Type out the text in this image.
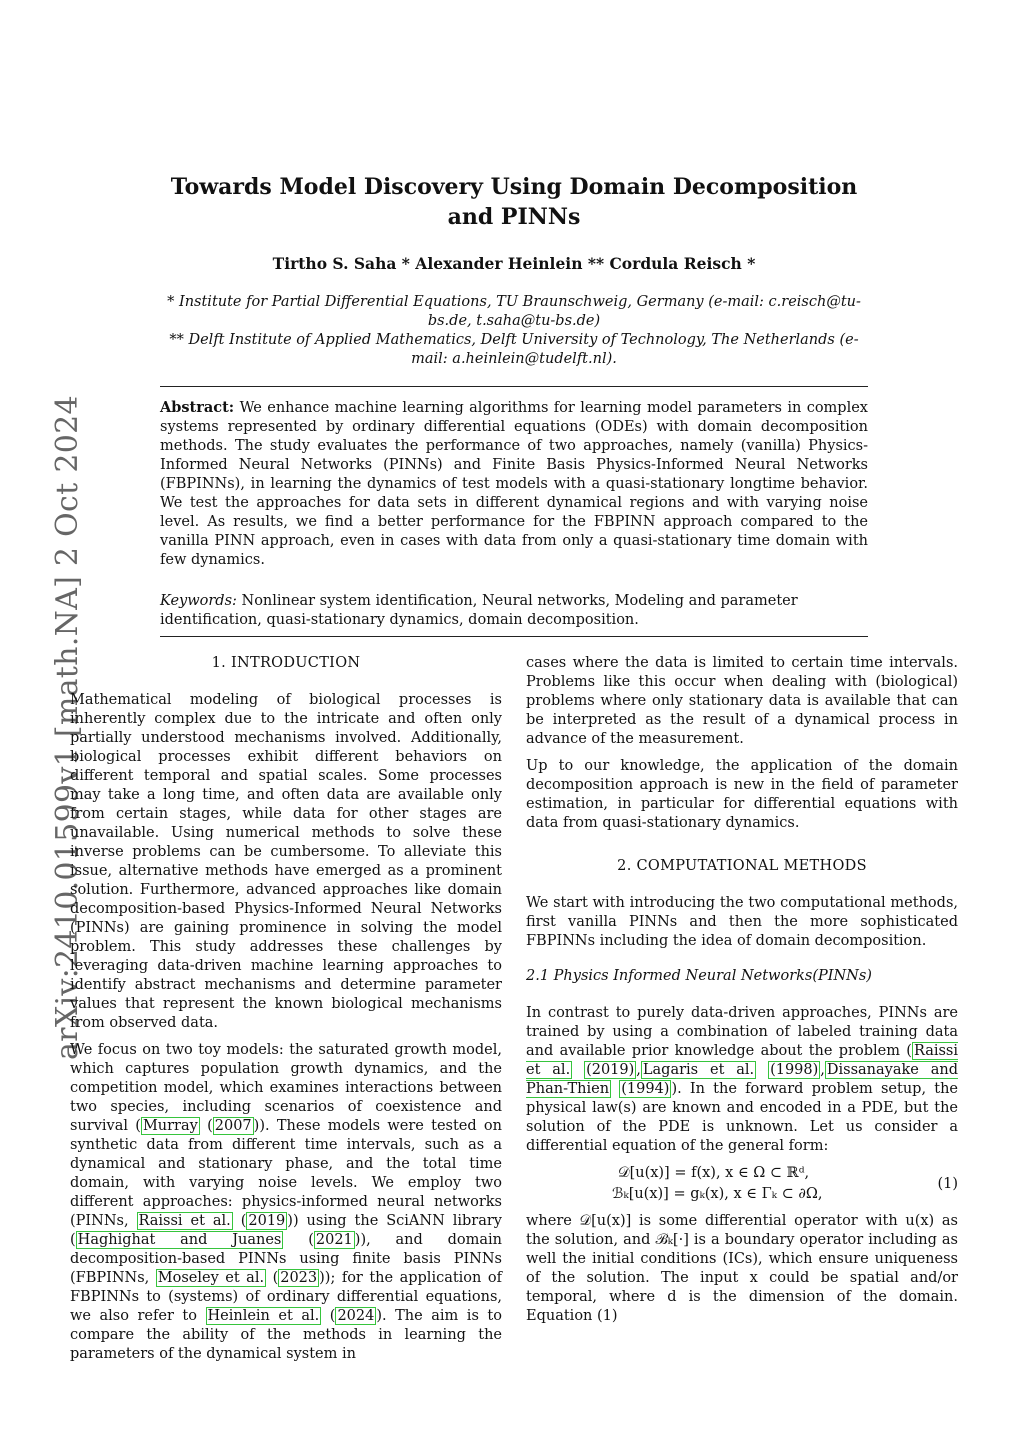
arXiv:2410.01599v1 [math.NA] 2 Oct 2024
Towards Model Discovery Using Domain Decomposition and PINNs
Tirtho S. Saha * Alexander Heinlein ** Cordula Reisch *
* Institute for Partial Differential Equations, TU Braunschweig, Germany (e-mail: c.reisch@tu-bs.de, t.saha@tu-bs.de)
** Delft Institute of Applied Mathematics, Delft University of Technology, The Netherlands (e-mail: a.heinlein@tudelft.nl).
Abstract: We enhance machine learning algorithms for learning model parameters in complex systems represented by ordinary differential equations (ODEs) with domain decomposition methods. The study evaluates the performance of two approaches, namely (vanilla) Physics-Informed Neural Networks (PINNs) and Finite Basis Physics-Informed Neural Networks (FBPINNs), in learning the dynamics of test models with a quasi-stationary longtime behavior. We test the approaches for data sets in different dynamical regions and with varying noise level. As results, we find a better performance for the FBPINN approach compared to the vanilla PINN approach, even in cases with data from only a quasi-stationary time domain with few dynamics.
Keywords: Nonlinear system identification, Neural networks, Modeling and parameter identification, quasi-stationary dynamics, domain decomposition.
1. INTRODUCTION

Mathematical modeling of biological processes is inherently complex due to the intricate and often only partially understood mechanisms involved. Additionally, biological processes exhibit different behaviors on different temporal and spatial scales. Some processes may take a long time, and often data are available only from certain stages, while data for other stages are unavailable. Using numerical methods to solve these inverse problems can be cumbersome. To alleviate this issue, alternative methods have emerged as a prominent solution. Furthermore, advanced approaches like domain decomposition-based Physics-Informed Neural Networks (PINNs) are gaining prominence in solving the model problem. This study addresses these challenges by leveraging data-driven machine learning approaches to identify abstract mechanisms and determine parameter values that represent the known biological mechanisms from observed data.

We focus on two toy models: the saturated growth model, which captures population growth dynamics, and the competition model, which examines interactions between two species, including scenarios of coexistence and survival ( Murray ( 2007 )). These models were tested on synthetic data from different time intervals, such as a dynamical and stationary phase, and the total time domain, with varying noise levels. We employ two different approaches: physics-informed neural networks (PINNs, Raissi et al. ( 2019 )) using the SciANN library ( Haghighat and Juanes ( 2021 )), and domain decomposition-based PINNs using finite basis PINNs (FBPINNs, Moseley et al. ( 2023 )); for the application of FBPINNs to (systems) of ordinary differential equations, we also refer to Heinlein et al. ( 2024 ). The aim is to compare the ability of the methods in learning the parameters of the dynamical system in

cases where the data is limited to certain time intervals. Problems like this occur when dealing with (biological) problems where only stationary data is available that can be interpreted as the result of a dynamical process in advance of the measurement.

Up to our knowledge, the application of the domain decomposition approach is new in the field of parameter estimation, in particular for differential equations with data from quasi-stationary dynamics.

2. COMPUTATIONAL METHODS

We start with introducing the two computational methods, first vanilla PINNs and then the more sophisticated FBPINNs including the idea of domain decomposition.

2.1 Physics Informed Neural Networks(PINNs)

In contrast to purely data-driven approaches, PINNs are trained by using a combination of labeled training data and available prior knowledge about the problem ( Raissi et al. (2019) , Lagaris et al. (1998) , Dissanayake and Phan-Thien (1994) ). In the forward problem setup, the physical law(s) are known and encoded in a PDE, but the solution of the PDE is unknown. Let us consider a differential equation of the general form:

𝒟[u(x)] = f(x), x ∈ Ω ⊂ ℝᵈ,
ℬₖ[u(x)] = gₖ(x), x ∈ Γₖ ⊂ ∂Ω,
(1)

where 𝒟[u(x)] is some differential operator with u(x) as the solution, and ℬₖ[·] is a boundary operator including as well the initial conditions (ICs), which ensure uniqueness of the solution. The input x could be spatial and/or temporal, where d is the dimension of the domain. Equation (1)
